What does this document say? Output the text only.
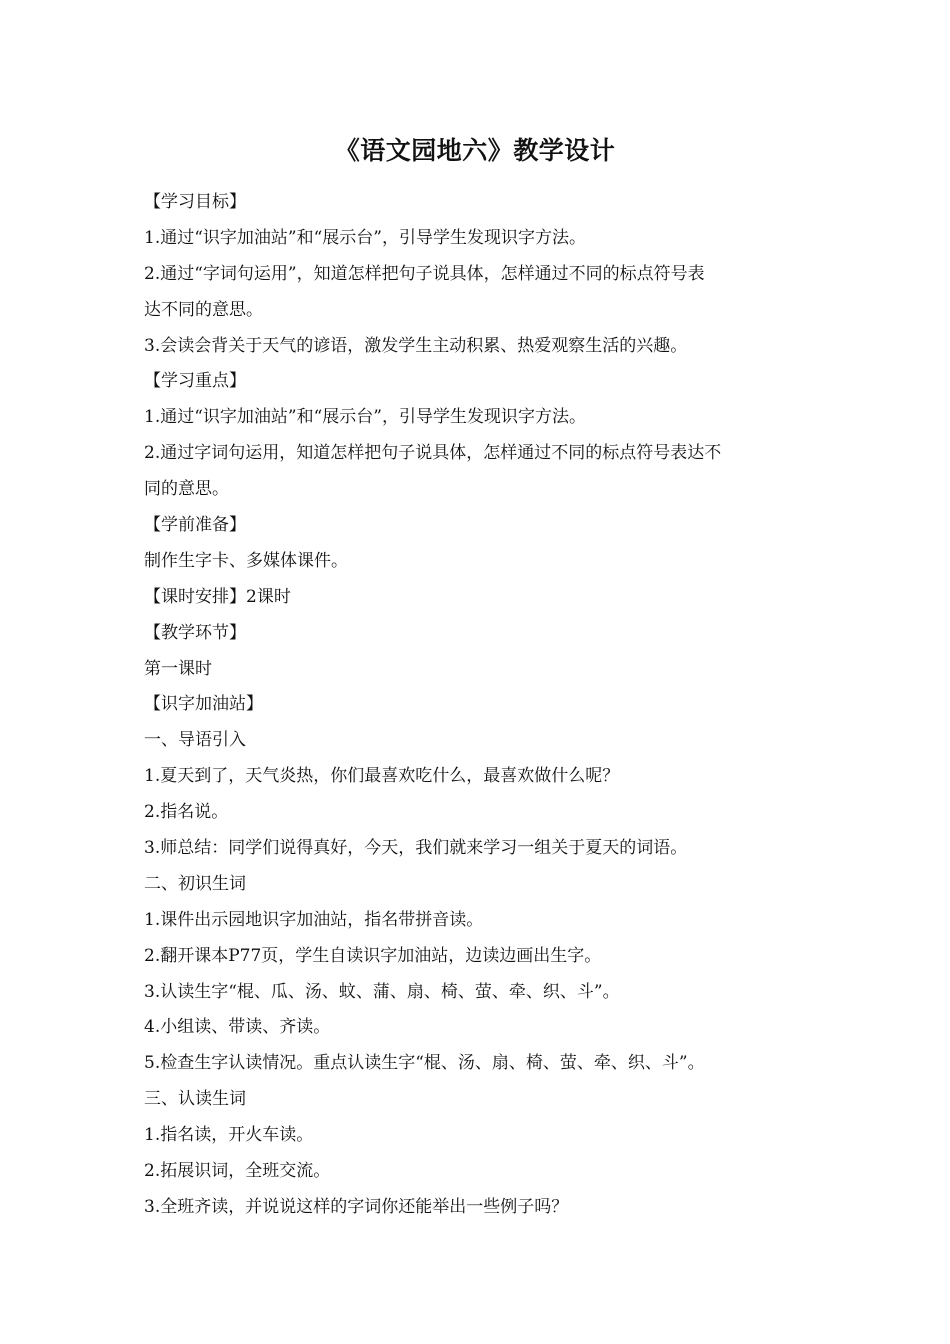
《语文园地六》教学设计
【学习目标】
1.通过“识字加油站”和“展示台”，引导学生发现识字方法。
2.通过“字词句运用”，知道怎样把句子说具体，怎样通过不同的标点符号表
达不同的意思。
3.会读会背关于天气的谚语，激发学生主动积累、热爱观察生活的兴趣。
【学习重点】
1.通过“识字加油站”和“展示台”，引导学生发现识字方法。
2.通过字词句运用，知道怎样把句子说具体，怎样通过不同的标点符号表达不
同的意思。
【学前准备】
制作生字卡、多媒体课件。
【课时安排】2课时
【教学环节】
第一课时
【识字加油站】
一、导语引入
1.夏天到了，天气炎热，你们最喜欢吃什么，最喜欢做什么呢？
2.指名说。
3.师总结：同学们说得真好，今天，我们就来学习一组关于夏天的词语。
二、初识生词
1.课件出示园地识字加油站，指名带拼音读。
2.翻开课本P77页，学生自读识字加油站，边读边画出生字。
3.认读生字“棍、瓜、汤、蚊、蒲、扇、椅、萤、牵、织、斗”。
4.小组读、带读、齐读。
5.检查生字认读情况。重点认读生字“棍、汤、扇、椅、萤、牵、织、斗”。
三、认读生词
1.指名读，开火车读。
2.拓展识词，全班交流。
3.全班齐读，并说说这样的字词你还能举出一些例子吗？
